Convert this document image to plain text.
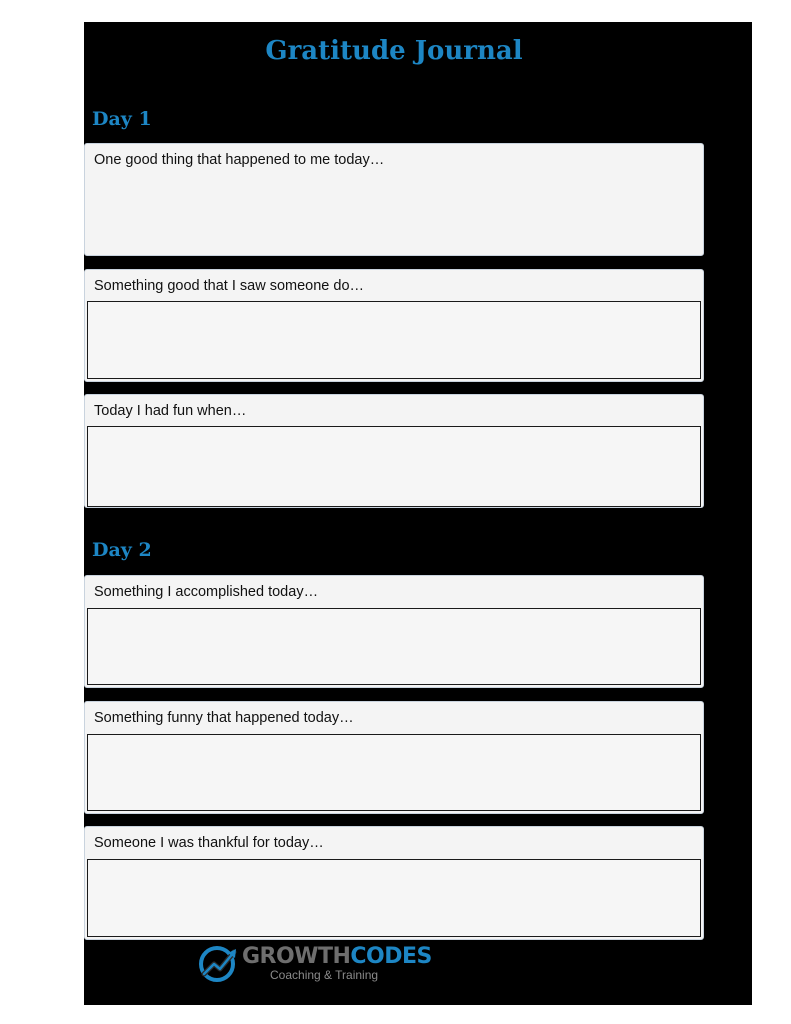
Gratitude Journal
Day 1
One good thing that happened to me today…
Something good that I saw someone do…
Today I had fun when…
Day 2
Something I accomplished today…
Something funny that happened today…
Someone I was thankful for today…
GROWTHCODES
Coaching & Training
